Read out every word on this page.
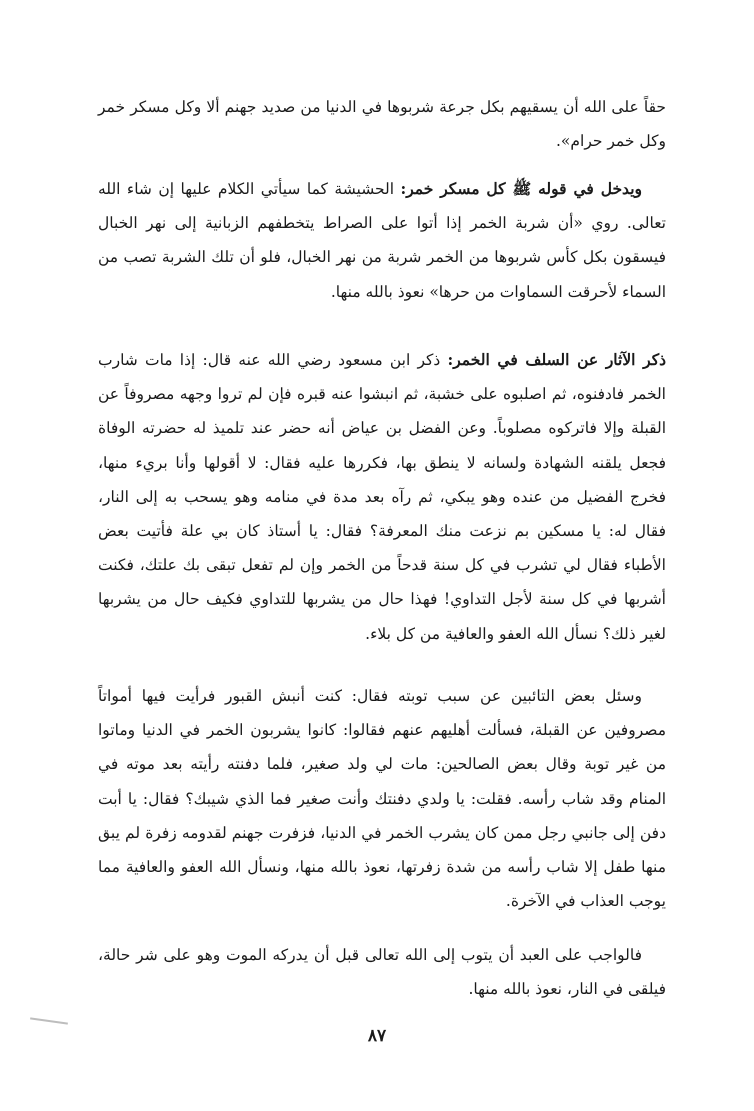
حقاً على الله أن يسقيهم بكل جرعة شربوها في الدنيا من صديد جهنم ألا وكل مسكر خمر وكل خمر حرام».

ويدخل في قوله ﷺ كل مسكر خمر: الحشيشة كما سيأتي الكلام عليها إن شاء الله تعالى. روي «أن شربة الخمر إذا أتوا على الصراط يتخطفهم الزبانية إلى نهر الخبال فيسقون بكل كأس شربوها من الخمر شربة من نهر الخبال، فلو أن تلك الشربة تصب من السماء لأحرقت السماوات من حرها» نعوذ بالله منها.

ذكر الآثار عن السلف في الخمر: ذكر ابن مسعود رضي الله عنه قال: إذا مات شارب الخمر فادفنوه، ثم اصلبوه على خشبة، ثم انبشوا عنه قبره فإن لم تروا وجهه مصروفاً عن القبلة وإلا فاتركوه مصلوباً. وعن الفضل بن عياض أنه حضر عند تلميذ له حضرته الوفاة فجعل يلقنه الشهادة ولسانه لا ينطق بها، فكررها عليه فقال: لا أقولها وأنا بريء منها، فخرج الفضيل من عنده وهو يبكي، ثم رآه بعد مدة في منامه وهو يسحب به إلى النار، فقال له: يا مسكين بم نزعت منك المعرفة؟ فقال: يا أستاذ كان بي علة فأتيت بعض الأطباء فقال لي تشرب في كل سنة قدحاً من الخمر وإن لم تفعل تبقى بك علتك، فكنت أشربها في كل سنة لأجل التداوي! فهذا حال من يشربها للتداوي فكيف حال من يشربها لغير ذلك؟ نسأل الله العفو والعافية من كل بلاء.

وسئل بعض التائبين عن سبب توبته فقال: كنت أنبش القبور فرأيت فيها أمواتاً مصروفين عن القبلة، فسألت أهليهم عنهم فقالوا: كانوا يشربون الخمر في الدنيا وماتوا من غير توبة وقال بعض الصالحين: مات لي ولد صغير، فلما دفنته رأيته بعد موته في المنام وقد شاب رأسه. فقلت: يا ولدي دفنتك وأنت صغير فما الذي شيبك؟ فقال: يا أبت دفن إلى جانبي رجل ممن كان يشرب الخمر في الدنيا، فزفرت جهنم لقدومه زفرة لم يبق منها طفل إلا شاب رأسه من شدة زفرتها، نعوذ بالله منها، ونسأل الله العفو والعافية مما يوجب العذاب في الآخرة.

فالواجب على العبد أن يتوب إلى الله تعالى قبل أن يدركه الموت وهو على شر حالة، فيلقى في النار، نعوذ بالله منها.

٨٧
